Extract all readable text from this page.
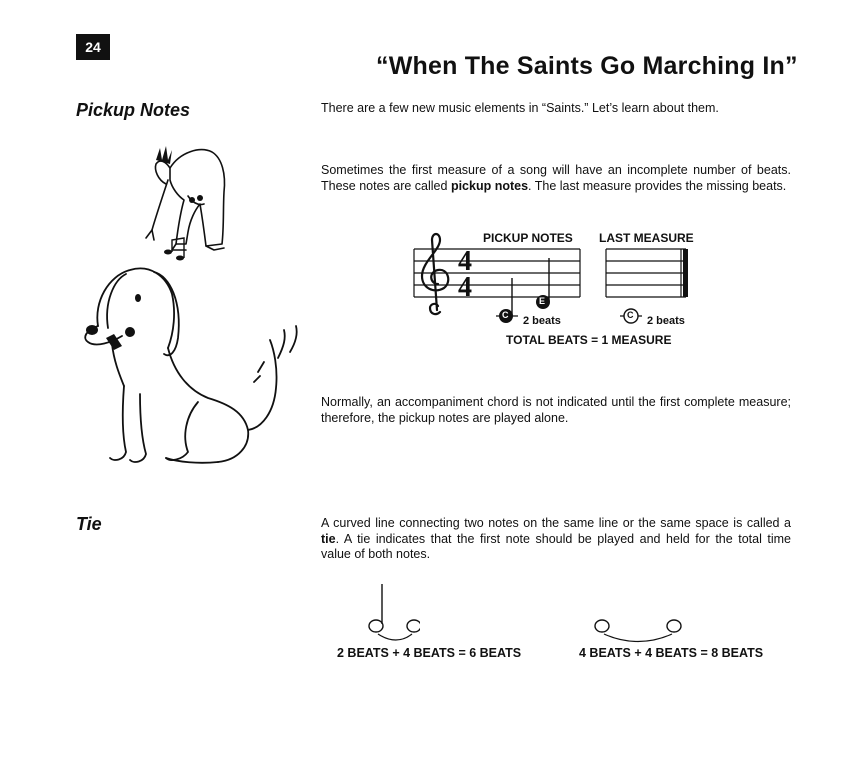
24
“When The Saints Go Marching In”
Pickup Notes
Tie
There are a few new music elements in “Saints.” Let’s learn about them.
Sometimes the first measure of a song will have an incomplete number of beats. These notes are called pickup notes. The last measure provides the missing beats.
Normally, an accompaniment chord is not indicated until the first complete measure; therefore, the pickup notes are played alone.
A curved line connecting two notes on the same line or the same space is called a tie. A tie indicates that the first note should be played and held for the total time value of both notes.
PICKUP NOTES LAST MEASURE
4
4
C
E
C
2 beats	2 beats
TOTAL BEATS = 1 MEASURE
2 BEATS + 4 BEATS = 6 BEATS	4 BEATS + 4 BEATS = 8 BEATS
